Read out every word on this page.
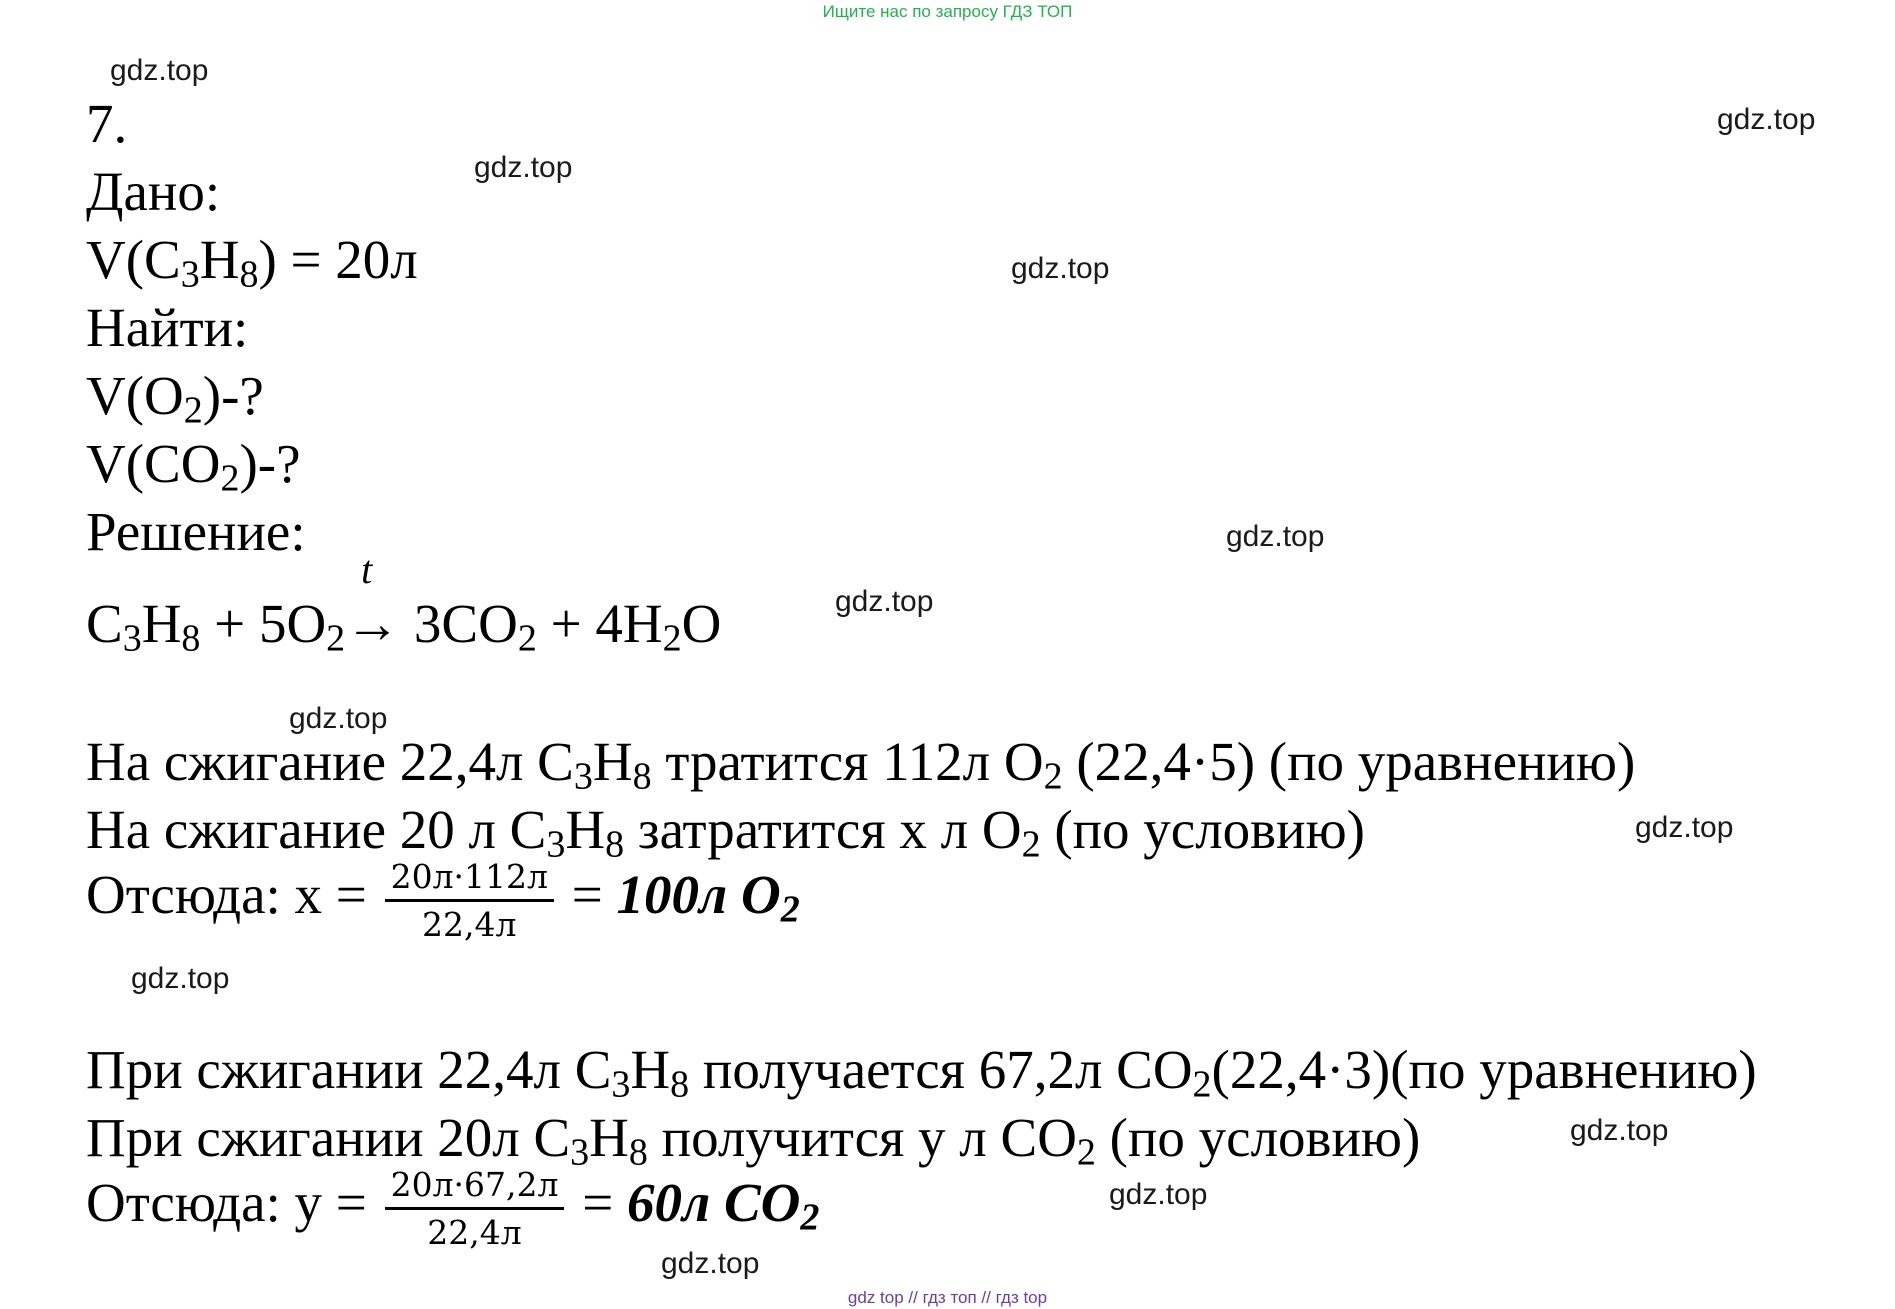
Ищите нас по запросу ГДЗ ТОП
gdz.top
gdz.top
gdz.top
gdz.top
gdz.top
gdz.top
gdz.top
gdz.top
gdz.top
gdz.top
gdz.top
gdz.top
7.
Дано:
$V(C_3H_8) = 20л$
Найти:
$V(O_2)-$?
$V(CO_2)-$?
Решение:
$C_3H_8 + 5O_2\to$
t
$3CO_2 + 4H_2O$
На сжигание 22,4л $C_3H_8$ тратится 112л $O_2$ (22,4·5) (по уравнению)
На сжигание 20 л $C_3H_8$ затратится х л $O_2$ (по условию)
Отсюда: $x = \frac{20л\cdot 112л}{22,4л} = 100л$ $O_2$
При сжигании 22,4л $C_3H_8$ получается 67,2л $CO_2(22,4\cdot 3)(по$ уравнению)
При сжигании 20л $C_3H_8$ получится у л $CO_2$ (по условию)
Отсюда: $у = \frac{20л\cdot 67,2л}{22,4л} = 60л$ $CO_2$
gdz top // гдз топ // гдз top
